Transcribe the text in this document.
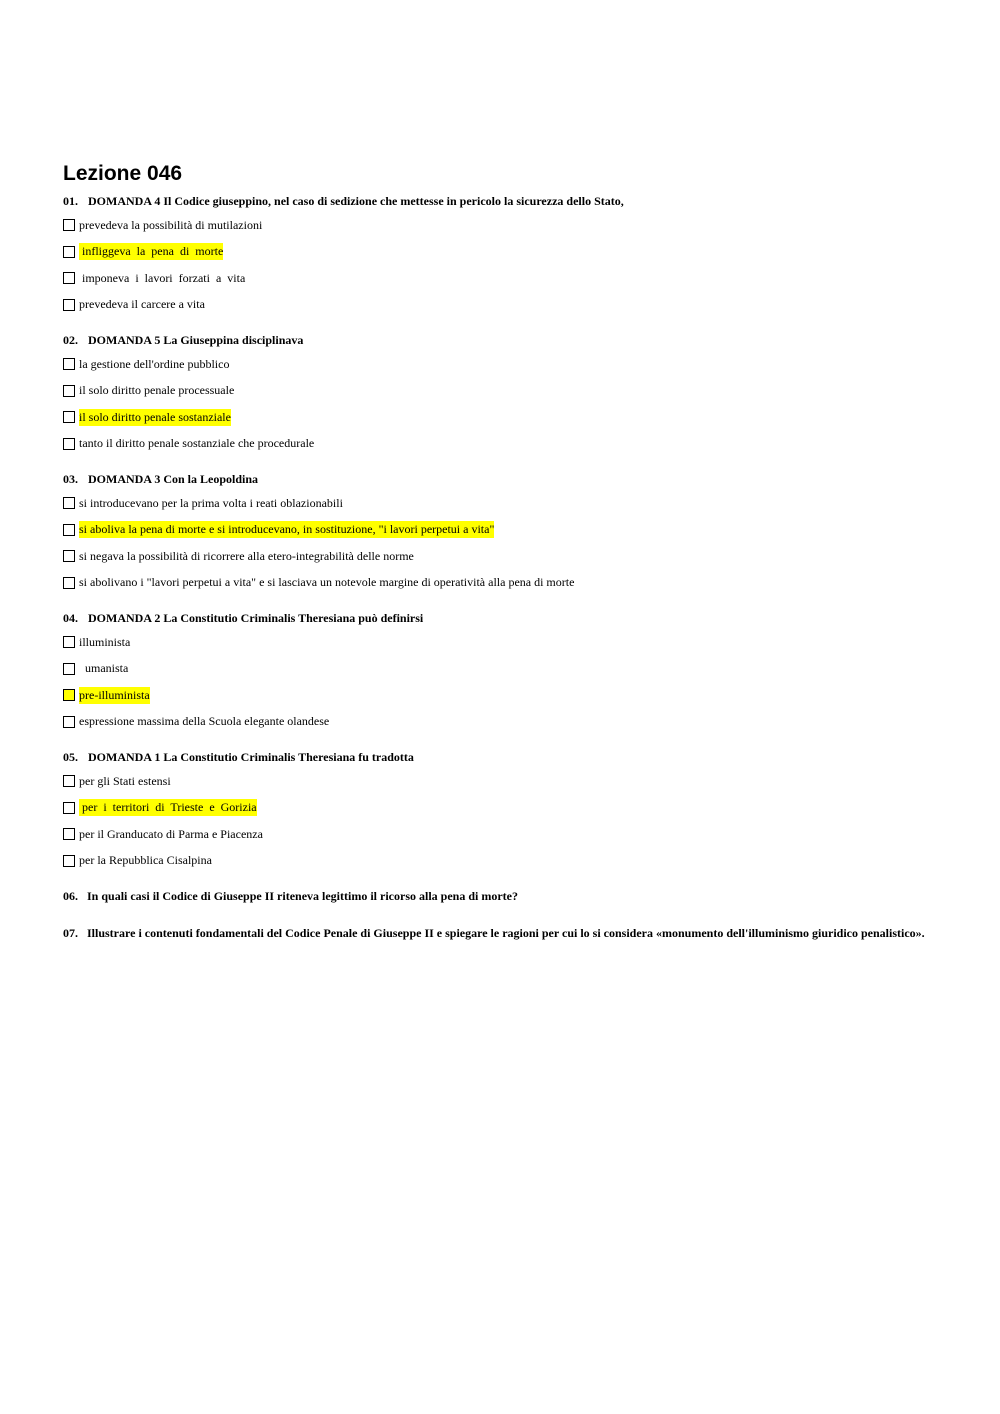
Lezione 046
01. DOMANDA 4 Il Codice giuseppino, nel caso di sedizione che mettesse in pericolo la sicurezza dello Stato,
prevedeva la possibilità di mutilazioni
infliggeva  la  pena  di  morte
imponeva  i  lavori  forzati  a  vita
prevedeva il carcere a vita
02. DOMANDA 5 La Giuseppina disciplinava
la gestione dell'ordine pubblico
il solo diritto penale processuale
il solo diritto penale sostanziale
tanto il diritto penale sostanziale che procedurale
03. DOMANDA 3 Con la Leopoldina
si introducevano per la prima volta i reati oblazionabili
si aboliva la pena di morte e si introducevano, in sostituzione, "i lavori perpetui a vita"
si negava la possibilità di ricorrere alla etero-integrabilità delle norme
si abolivano i "lavori perpetui a vita" e si lasciava un notevole margine di operatività alla pena di morte
04. DOMANDA 2 La Constitutio Criminalis Theresiana può definirsi
illuminista
umanista
pre-illuminista
espressione massima della Scuola elegante olandese
05. DOMANDA 1 La Constitutio Criminalis Theresiana fu tradotta
per gli Stati estensi
per  i  territori  di  Trieste  e  Gorizia
per il Granducato di Parma e Piacenza
per la Repubblica Cisalpina
06. In quali casi il Codice di Giuseppe II riteneva legittimo il ricorso alla pena di morte?
07. Illustrare i contenuti fondamentali del Codice Penale di Giuseppe II e spiegare le ragioni per cui lo si considera «monumento dell'illuminismo giuridico penalistico».
